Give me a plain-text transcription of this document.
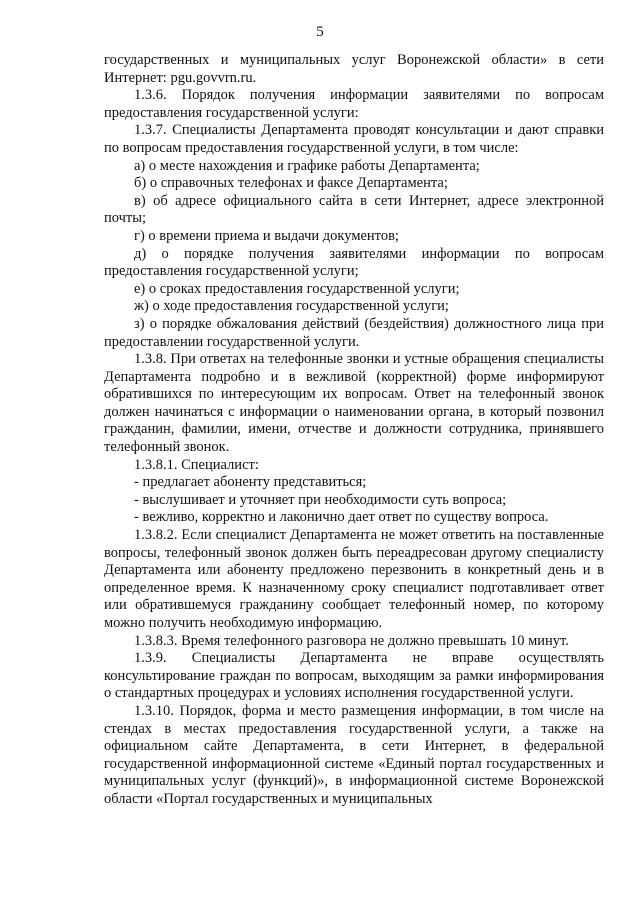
5

государственных и муниципальных услуг Воронежской области» в сети Интернет: pgu.govvrn.ru.

1.3.6. Порядок получения информации заявителями по вопросам предоставления государственной услуги:

1.3.7. Специалисты Департамента проводят консультации и дают справки по вопросам предоставления государственной услуги, в том числе:

а) о месте нахождения и графике работы Департамента;

б) о справочных телефонах и факсе Департамента;

в) об адресе официального сайта в сети Интернет, адресе электронной почты;

г) о времени приема и выдачи документов;

д) о порядке получения заявителями информации по вопросам предоставления государственной услуги;

е) о сроках предоставления государственной услуги;

ж) о ходе предоставления государственной услуги;

з) о порядке обжалования действий (бездействия) должностного лица при предоставлении государственной услуги.

1.3.8. При ответах на телефонные звонки и устные обращения специалисты Департамента подробно и в вежливой (корректной) форме информируют обратившихся по интересующим их вопросам. Ответ на телефонный звонок должен начинаться с информации о наименовании органа, в который позвонил гражданин, фамилии, имени, отчестве и должности сотрудника, принявшего телефонный звонок.

1.3.8.1. Специалист:

- предлагает абоненту представиться;

- выслушивает и уточняет при необходимости суть вопроса;

- вежливо, корректно и лаконично дает ответ по существу вопроса.

1.3.8.2. Если специалист Департамента не может ответить на поставленные вопросы, телефонный звонок должен быть переадресован другому специалисту Департамента или абоненту предложено перезвонить в конкретный день и в определенное время. К назначенному сроку специалист подготавливает ответ или обратившемуся гражданину сообщает телефонный номер, по которому можно получить необходимую информацию.

1.3.8.3. Время телефонного разговора не должно превышать 10 минут.

1.3.9. Специалисты Департамента не вправе осуществлять консультирование граждан по вопросам, выходящим за рамки информирования о стандартных процедурах и условиях исполнения государственной услуги.

1.3.10. Порядок, форма и место размещения информации, в том числе на стендах в местах предоставления государственной услуги, а также на официальном сайте Департамента, в сети Интернет, в федеральной государственной информационной системе «Единый портал государственных и муниципальных услуг (функций)», в информационной системе Воронежской области «Портал государственных и муниципальных
